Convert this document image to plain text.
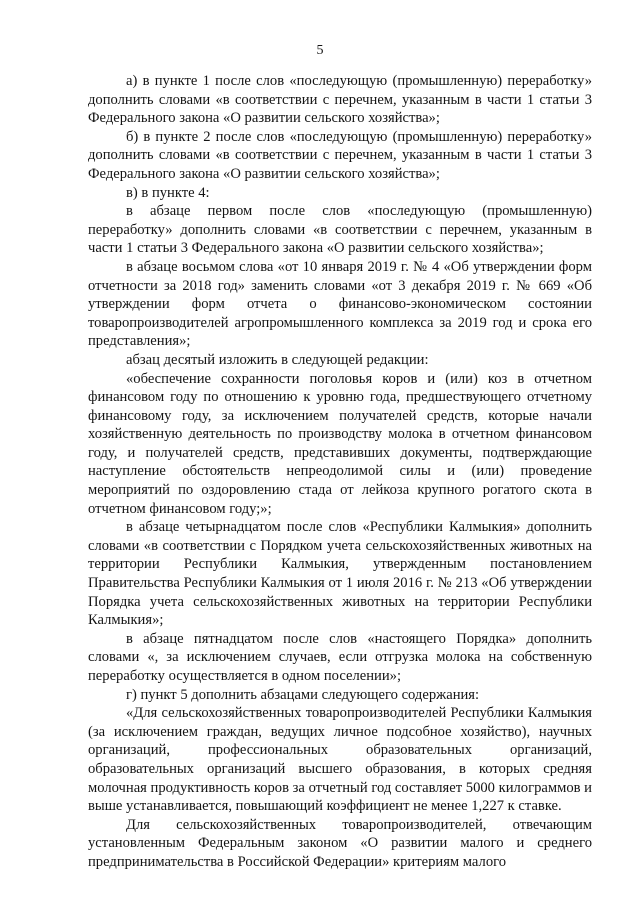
5

а) в пункте 1 после слов «последующую (промышленную) переработку» дополнить словами «в соответствии с перечнем, указанным в части 1 статьи 3 Федерального закона «О развитии сельского хозяйства»;

б) в пункте 2 после слов «последующую (промышленную) переработку» дополнить словами «в соответствии с перечнем, указанным в части 1 статьи 3 Федерального закона «О развитии сельского хозяйства»;

в) в пункте 4:

в абзаце первом после слов «последующую (промышленную) переработку» дополнить словами «в соответствии с перечнем, указанным в части 1 статьи 3 Федерального закона «О развитии сельского хозяйства»;

в абзаце восьмом слова «от 10 января 2019 г. № 4 «Об утверждении форм отчетности за 2018 год» заменить словами «от 3 декабря 2019 г. № 669 «Об утверждении форм отчета о финансово-экономическом состоянии товаропроизводителей агропромышленного комплекса за 2019 год и срока его представления»;

абзац десятый изложить в следующей редакции:

«обеспечение сохранности поголовья коров и (или) коз в отчетном финансовом году по отношению к уровню года, предшествующего отчетному финансовому году, за исключением получателей средств, которые начали хозяйственную деятельность по производству молока в отчетном финансовом году, и получателей средств, представивших документы, подтверждающие наступление обстоятельств непреодолимой силы и (или) проведение мероприятий по оздоровлению стада от лейкоза крупного рогатого скота в отчетном финансовом году;»;

в абзаце четырнадцатом после слов «Республики Калмыкия» дополнить словами «в соответствии с Порядком учета сельскохозяйственных животных на территории Республики Калмыкия, утвержденным постановлением Правительства Республики Калмыкия от 1 июля 2016 г. № 213 «Об утверждении Порядка учета сельскохозяйственных животных на территории Республики Калмыкия»;

в абзаце пятнадцатом после слов «настоящего Порядка» дополнить словами «, за исключением случаев, если отгрузка молока на собственную переработку осуществляется в одном поселении»;

г) пункт 5 дополнить абзацами следующего содержания:

«Для сельскохозяйственных товаропроизводителей Республики Калмыкия (за исключением граждан, ведущих личное подсобное хозяйство), научных организаций, профессиональных образовательных организаций, образовательных организаций высшего образования, в которых средняя молочная продуктивность коров за отчетный год составляет 5000 килограммов и выше устанавливается, повышающий коэффициент не менее 1,227 к ставке.

Для сельскохозяйственных товаропроизводителей, отвечающим установленным Федеральным законом «О развитии малого и среднего предпринимательства в Российской Федерации» критериям малого
